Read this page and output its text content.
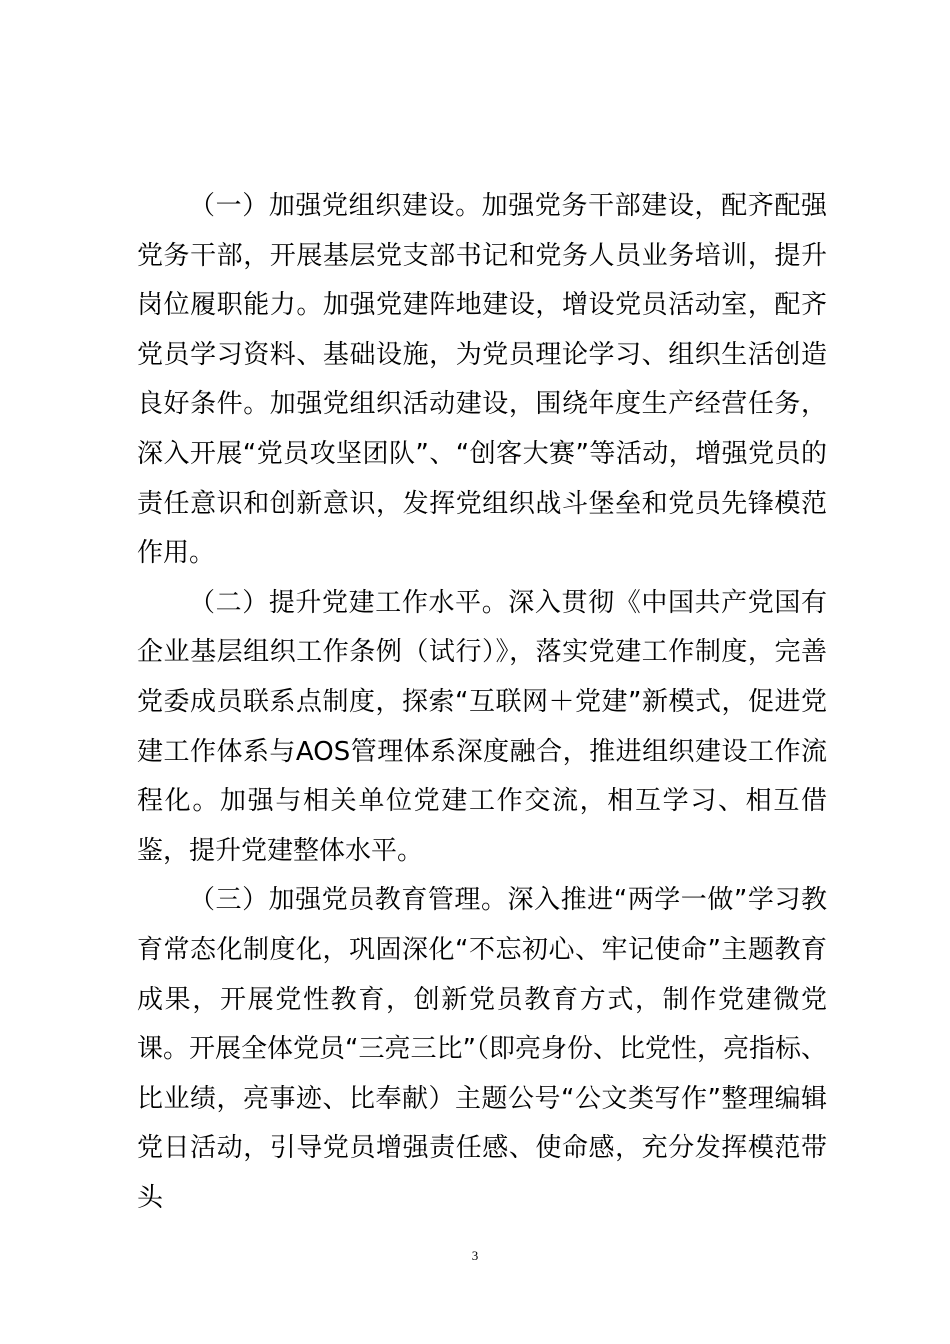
（一）加强党组织建设。加强党务干部建设，配齐配强党务干部，开展基层党支部书记和党务人员业务培训，提升岗位履职能力。加强党建阵地建设，增设党员活动室，配齐党员学习资料、基础设施，为党员理论学习、组织生活创造良好条件。加强党组织活动建设，围绕年度生产经营任务，深入开展“党员攻坚团队”、“创客大赛”等活动，增强党员的责任意识和创新意识，发挥党组织战斗堡垒和党员先锋模范作用。

（二）提升党建工作水平。深入贯彻《中国共产党国有企业基层组织工作条例（试行）》，落实党建工作制度，完善党委成员联系点制度，探索“互联网＋党建”新模式，促进党建工作体系与AOS管理体系深度融合，推进组织建设工作流程化。加强与相关单位党建工作交流，相互学习、相互借鉴，提升党建整体水平。

（三）加强党员教育管理。深入推进“两学一做”学习教育常态化制度化，巩固深化“不忘初心、牢记使命”主题教育成果，开展党性教育，创新党员教育方式，制作党建微党课。开展全体党员“三亮三比”（即亮身份、比党性，亮指标、比业绩，亮事迹、比奉献）主题公号“公文类写作”整理编辑党日活动，引导党员增强责任感、使命感，充分发挥模范带头

3
